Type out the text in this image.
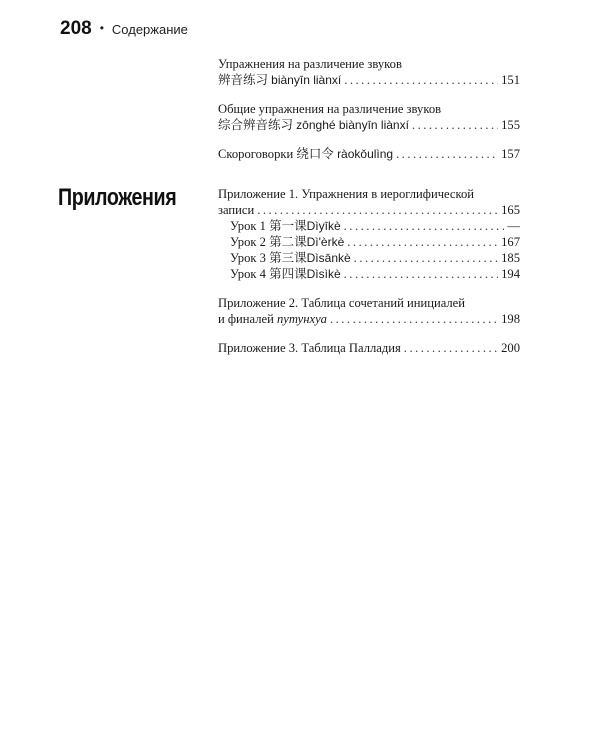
208 • Содержание
Упражнения на различение звуков
辨音练习 biànyīn liànxí .....	151
Общие упражнения на различение звуков
综合辨音练习 zōnghé biànyīn liànxí .....	155
Скороговорки 绕口令 ràokǒulìng .....	157
Приложения	Приложение 1. Упражнения в иероглифической
записи .....	165
Урок 1 第一课Dìyīkè .....	—
Урок 2 第二课Dì'èrkè .....	167
Урок 3 第三课Dìsānkè .....	185
Урок 4 第四课Dìsìkè .....	194
Приложение 2. Таблица сочетаний инициалей
и финалей путунхуа .....	198
Приложение 3. Таблица Палладия .....	200
